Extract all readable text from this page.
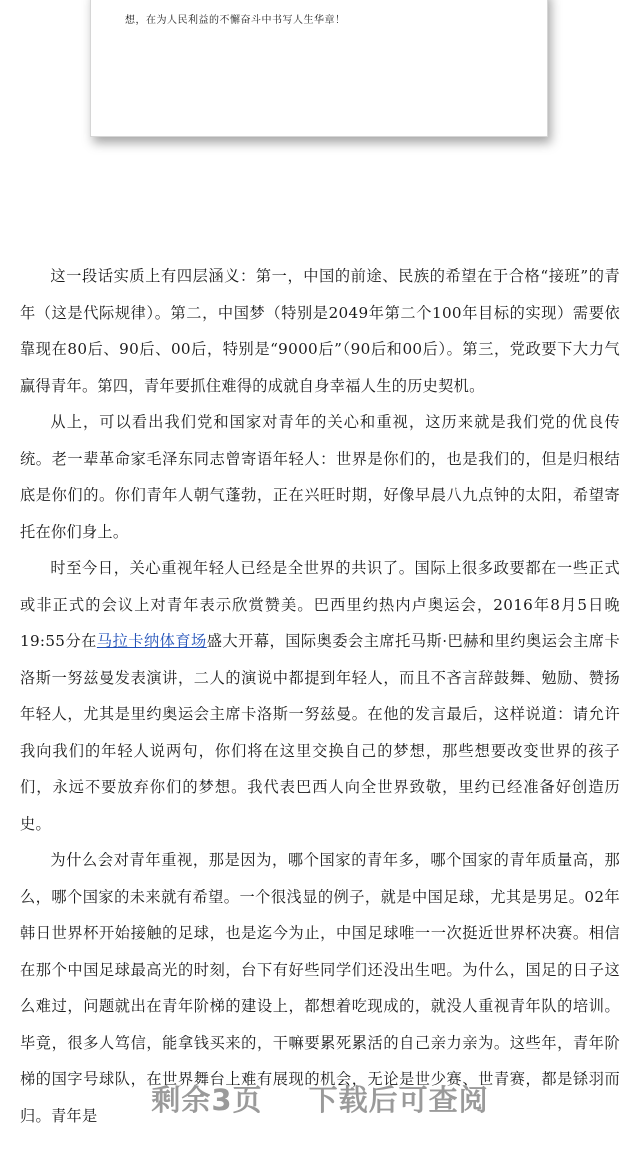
想，在为人民利益的不懈奋斗中书写人生华章！

这一段话实质上有四层涵义：第一，中国的前途、民族的希望在于合格“接班”的青年（这是代际规律）。第二，中国梦（特别是2049年第二个100年目标的实现）需要依靠现在80后、90后、00后，特别是“9000后”（90后和00后）。第三，党政要下大力气赢得青年。第四，青年要抓住难得的成就自身幸福人生的历史契机。

从上，可以看出我们党和国家对青年的关心和重视，这历来就是我们党的优良传统。老一辈革命家毛泽东同志曾寄语年轻人：世界是你们的，也是我们的，但是归根结底是你们的。你们青年人朝气蓬勃，正在兴旺时期，好像早晨八九点钟的太阳，希望寄托在你们身上。

时至今日，关心重视年轻人已经是全世界的共识了。国际上很多政要都在一些正式或非正式的会议上对青年表示欣赏赞美。巴西里约热内卢奥运会，2016年8月5日晚19:55分在马拉卡纳体育场盛大开幕，国际奥委会主席托马斯·巴赫和里约奥运会主席卡洛斯一努兹曼发表演讲，二人的演说中都提到年轻人，而且不吝言辞鼓舞、勉励、赞扬年轻人，尤其是里约奥运会主席卡洛斯一努兹曼。在他的发言最后，这样说道：请允许我向我们的年轻人说两句，你们将在这里交换自己的梦想，那些想要改变世界的孩子们，永远不要放弃你们的梦想。我代表巴西人向全世界致敬，里约已经准备好创造历史。

为什么会对青年重视，那是因为，哪个国家的青年多，哪个国家的青年质量高，那么，哪个国家的未来就有希望。一个很浅显的例子，就是中国足球，尤其是男足。02年韩日世界杯开始接触的足球，也是迄今为止，中国足球唯一一次挺近世界杯决赛。相信在那个中国足球最高光的时刻，台下有好些同学们还没出生吧。为什么，国足的日子这么难过，问题就出在青年阶梯的建设上，都想着吃现成的，就没人重视青年队的培训。毕竟，很多人笃信，能拿钱买来的，干嘛要累死累活的自己亲力亲为。这些年，青年阶梯的国字号球队，在世界舞台上难有展现的机会，无论是世少赛、世青赛，都是铩羽而归。青年是	剩余3页 下载后可查阅
